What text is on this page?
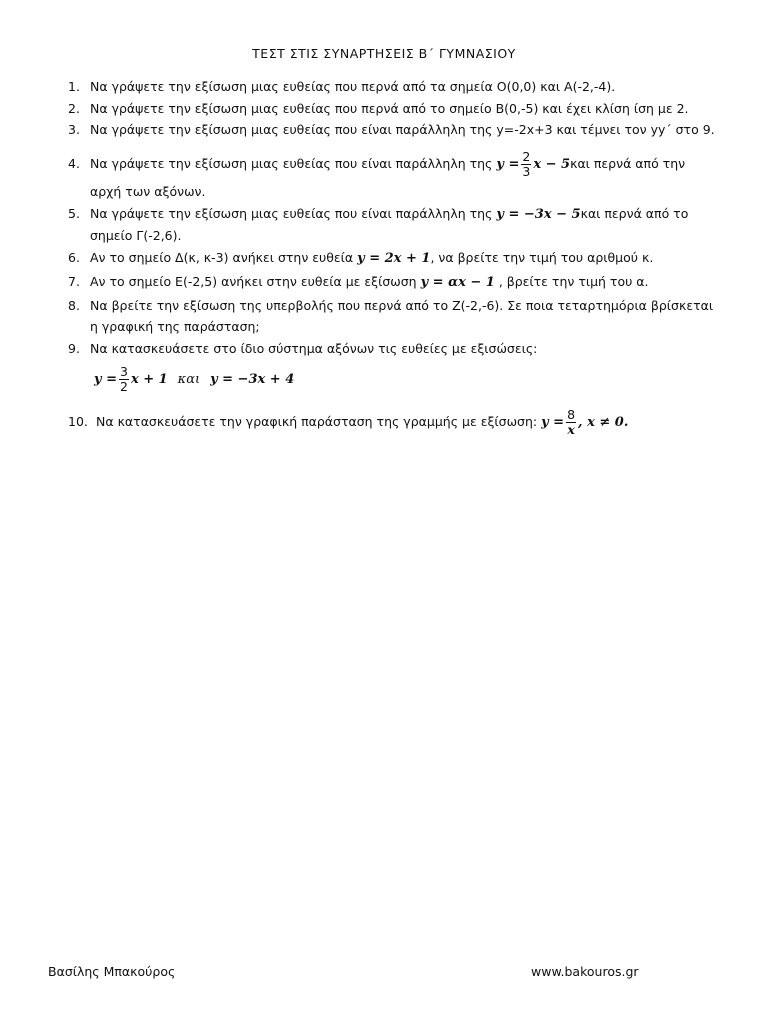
ΤΕΣΤ ΣΤΙΣ ΣΥΝΑΡΤΗΣΕΙΣ Β΄ ΓΥΜΝΑΣΙΟΥ
1. Να γράψετε την εξίσωση μιας ευθείας που περνά από τα σημεία Ο(0,0) και Α(-2,-4).
2. Να γράψετε την εξίσωση μιας ευθείας που περνά από το σημείο Β(0,-5) και έχει κλίση ίση με 2.
3. Να γράψετε την εξίσωση μιας ευθείας που είναι παράλληλη της y=-2x+3 και τέμνει τον yy΄ στο 9.
4. Να γράψετε την εξίσωση μιας ευθείας που είναι παράλληλη της $y = \frac{2}{3}$ x − 5και περνά από την
αρχή των αξόνων.
5. Να γράψετε την εξίσωση μιας ευθείας που είναι παράλληλη της y = −3x − 5και περνά από το
σημείο Γ(-2,6).
6. Αν το σημείο Δ(κ, κ-3) ανήκει στην ευθεία y = 2x + 1, να βρείτε την τιμή του αριθμού κ.
7. Αν το σημείο Ε(-2,5) ανήκει στην ευθεία με εξίσωση y = αx − 1 , βρείτε την τιμή του α.
8. Να βρείτε την εξίσωση της υπερβολής που περνά από το Ζ(-2,-6). Σε ποια τεταρτημόρια βρίσκεται
η γραφική της παράσταση;
9. Να κατασκευάσετε στο ίδιο σύστημα αξόνων τις ευθείες με εξισώσεις:
$y = \frac{3}{2}$ x + 1 και y = −3x + 4
10. Να κατασκευάσετε την γραφική παράσταση της γραμμής με εξίσωση: $y = \frac{8}{x}$ , x ≠ 0.
Βασίλης Μπακούρος	www.bakouros.gr
